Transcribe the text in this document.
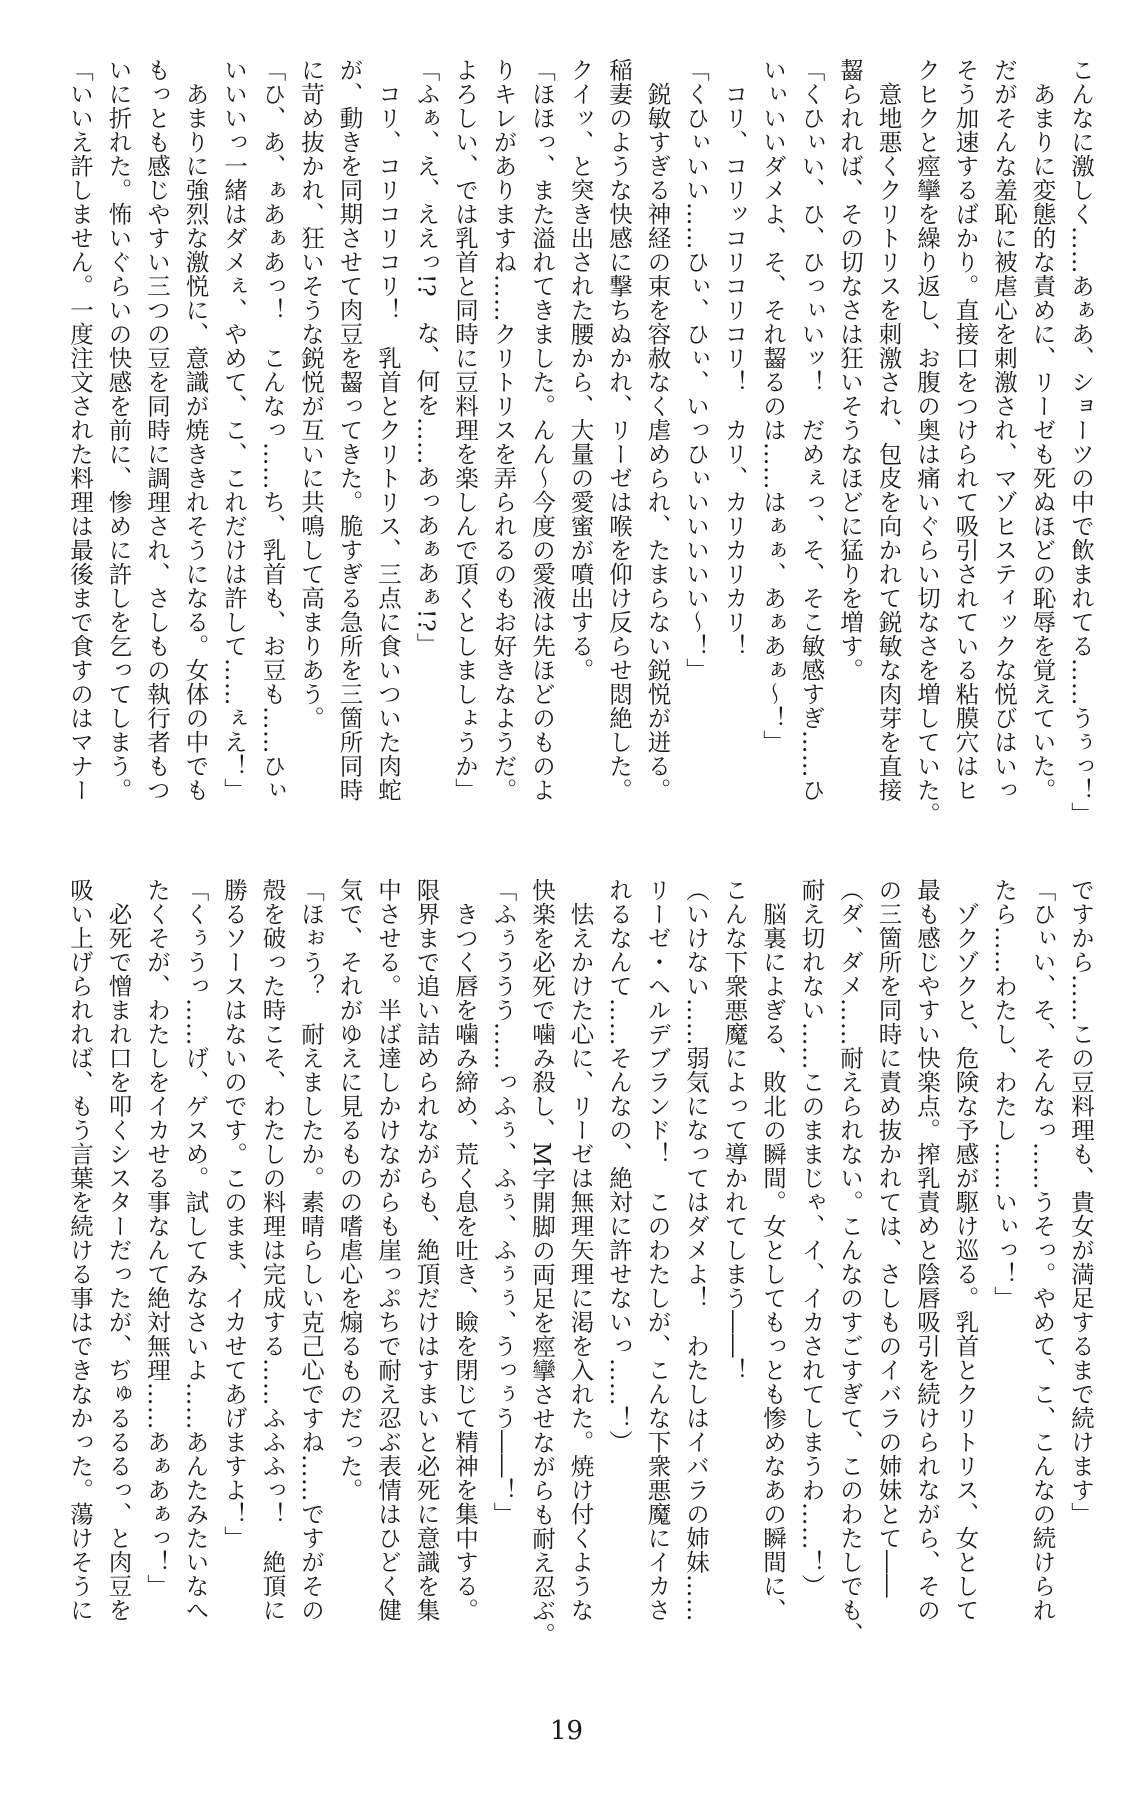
こんなに激しく……あぁあ、ショーツの中で飲まれてる……うぅっ！」

　あまりに変態的な責めに、リーゼも死ぬほどの恥辱を覚えていた。

だがそんな羞恥に被虐心を刺激され、マゾヒスティックな悦びはいっ

そう加速するばかり。直接口をつけられて吸引されている粘膜穴はヒ

クヒクと痙攣を繰り返し、お腹の奥は痛いぐらい切なさを増していた。

　意地悪くクリトリスを刺激され、包皮を向かれて鋭敏な肉芽を直接

齧られれば、その切なさは狂いそうなほどに猛りを増す。

「くひぃい、ひ、ひっぃいッ！　だめぇっ、そ、そこ敏感すぎ……ひ

いぃいいダメよ、そ、それ齧るのは……はぁぁ、あぁあぁ～！」

　コリ、コリッコリコリコリ！　カリ、カリカリカリ！

「くひぃいい……ひぃ、ひぃ、いっひぃいいいいい～！」

　鋭敏すぎる神経の束を容赦なく虐められ、たまらない鋭悦が迸る。

稲妻のような快感に撃ちぬかれ、リーゼは喉を仰け反らせ悶絶した。

クイッ、と突き出された腰から、大量の愛蜜が噴出する。

「ほほっ、また溢れてきました。んん～今度の愛液は先ほどのものよ

りキレがありますね……クリトリスを弄られるのもお好きなようだ。

よろしい、では乳首と同時に豆料理を楽しんで頂くとしましょうか」

「ふぁ、え、ええっ!?　な、何を……あっあぁあぁ!?」

　コリ、コリコリコリ！　乳首とクリトリス、三点に食いついた肉蛇

が、動きを同期させて肉豆を齧ってきた。脆すぎる急所を三箇所同時

に苛め抜かれ、狂いそうな鋭悦が互いに共鳴して高まりあう。

「ひ、あ、ぁあぁあっ！　こんなっ……ち、乳首も、お豆も……ひぃ

いいいっ一緒はダメぇ、やめて、こ、これだけは許して……ぇえ！」

　あまりに強烈な激悦に、意識が焼ききれそうになる。女体の中でも

もっとも感じやすい三つの豆を同時に調理され、さしもの執行者もつ

いに折れた。怖いぐらいの快感を前に、惨めに許しを乞ってしまう。

「いいえ許しません。一度注文された料理は最後まで食すのはマナー

ですから……この豆料理も、貴女が満足するまで続けます」

「ひぃい、そ、そんなっ……うそっ。やめて、こ、こんなの続けられ

たら……わたし、わたし……いぃっ！」

　ゾクゾクと、危険な予感が駆け巡る。乳首とクリトリス、女として

最も感じやすい快楽点。搾乳責めと陰唇吸引を続けられながら、その

の三箇所を同時に責め抜かれては、さしものイバラの姉妹とて――

（ダ、ダメ……耐えられない。こんなのすごすぎて、このわたしでも、

耐え切れない……このままじゃ、イ、イカされてしまうわ……！）

　脳裏によぎる、敗北の瞬間。女としてもっとも惨めなあの瞬間に、

こんな下衆悪魔によって導かれてしまう――！

（いけない……弱気になってはダメよ！　わたしはイバラの姉妹……

リーゼ・ヘルデブランド！　このわたしが、こんな下衆悪魔にイカさ

れるなんて……そんなの、絶対に許せないっ……！）

　怯えかけた心に、リーゼは無理矢理に渇を入れた。焼け付くような

快楽を必死で噛み殺し、M字開脚の両足を痙攣させながらも耐え忍ぶ。

「ふぅううう……っふぅ、ふぅ、ふぅぅ、うっぅう――！」

　きつく唇を噛み締め、荒く息を吐き、瞼を閉じて精神を集中する。

限界まで追い詰められながらも、絶頂だけはすまいと必死に意識を集

中させる。半ば達しかけながらも崖っぷちで耐え忍ぶ表情はひどく健

気で、それがゆえに見るものの嗜虐心を煽るものだった。

「ほぉう？　耐えましたか。素晴らしい克己心ですね……ですがその

殻を破った時こそ、わたしの料理は完成する……ふふふっ！　絶頂に

勝るソースはないのです。このまま、イカせてあげますよ！」

「くぅうっ……げ、ゲスめ。試してみなさいよ……あんたみたいなへ

たくそが、わたしをイカせる事なんて絶対無理……あぁあぁっ！」

　必死で憎まれ口を叩くシスターだったが、ぢゅるるるっ、と肉豆を

吸い上げられれば、もう言葉を続ける事はできなかった。蕩けそうに

19
